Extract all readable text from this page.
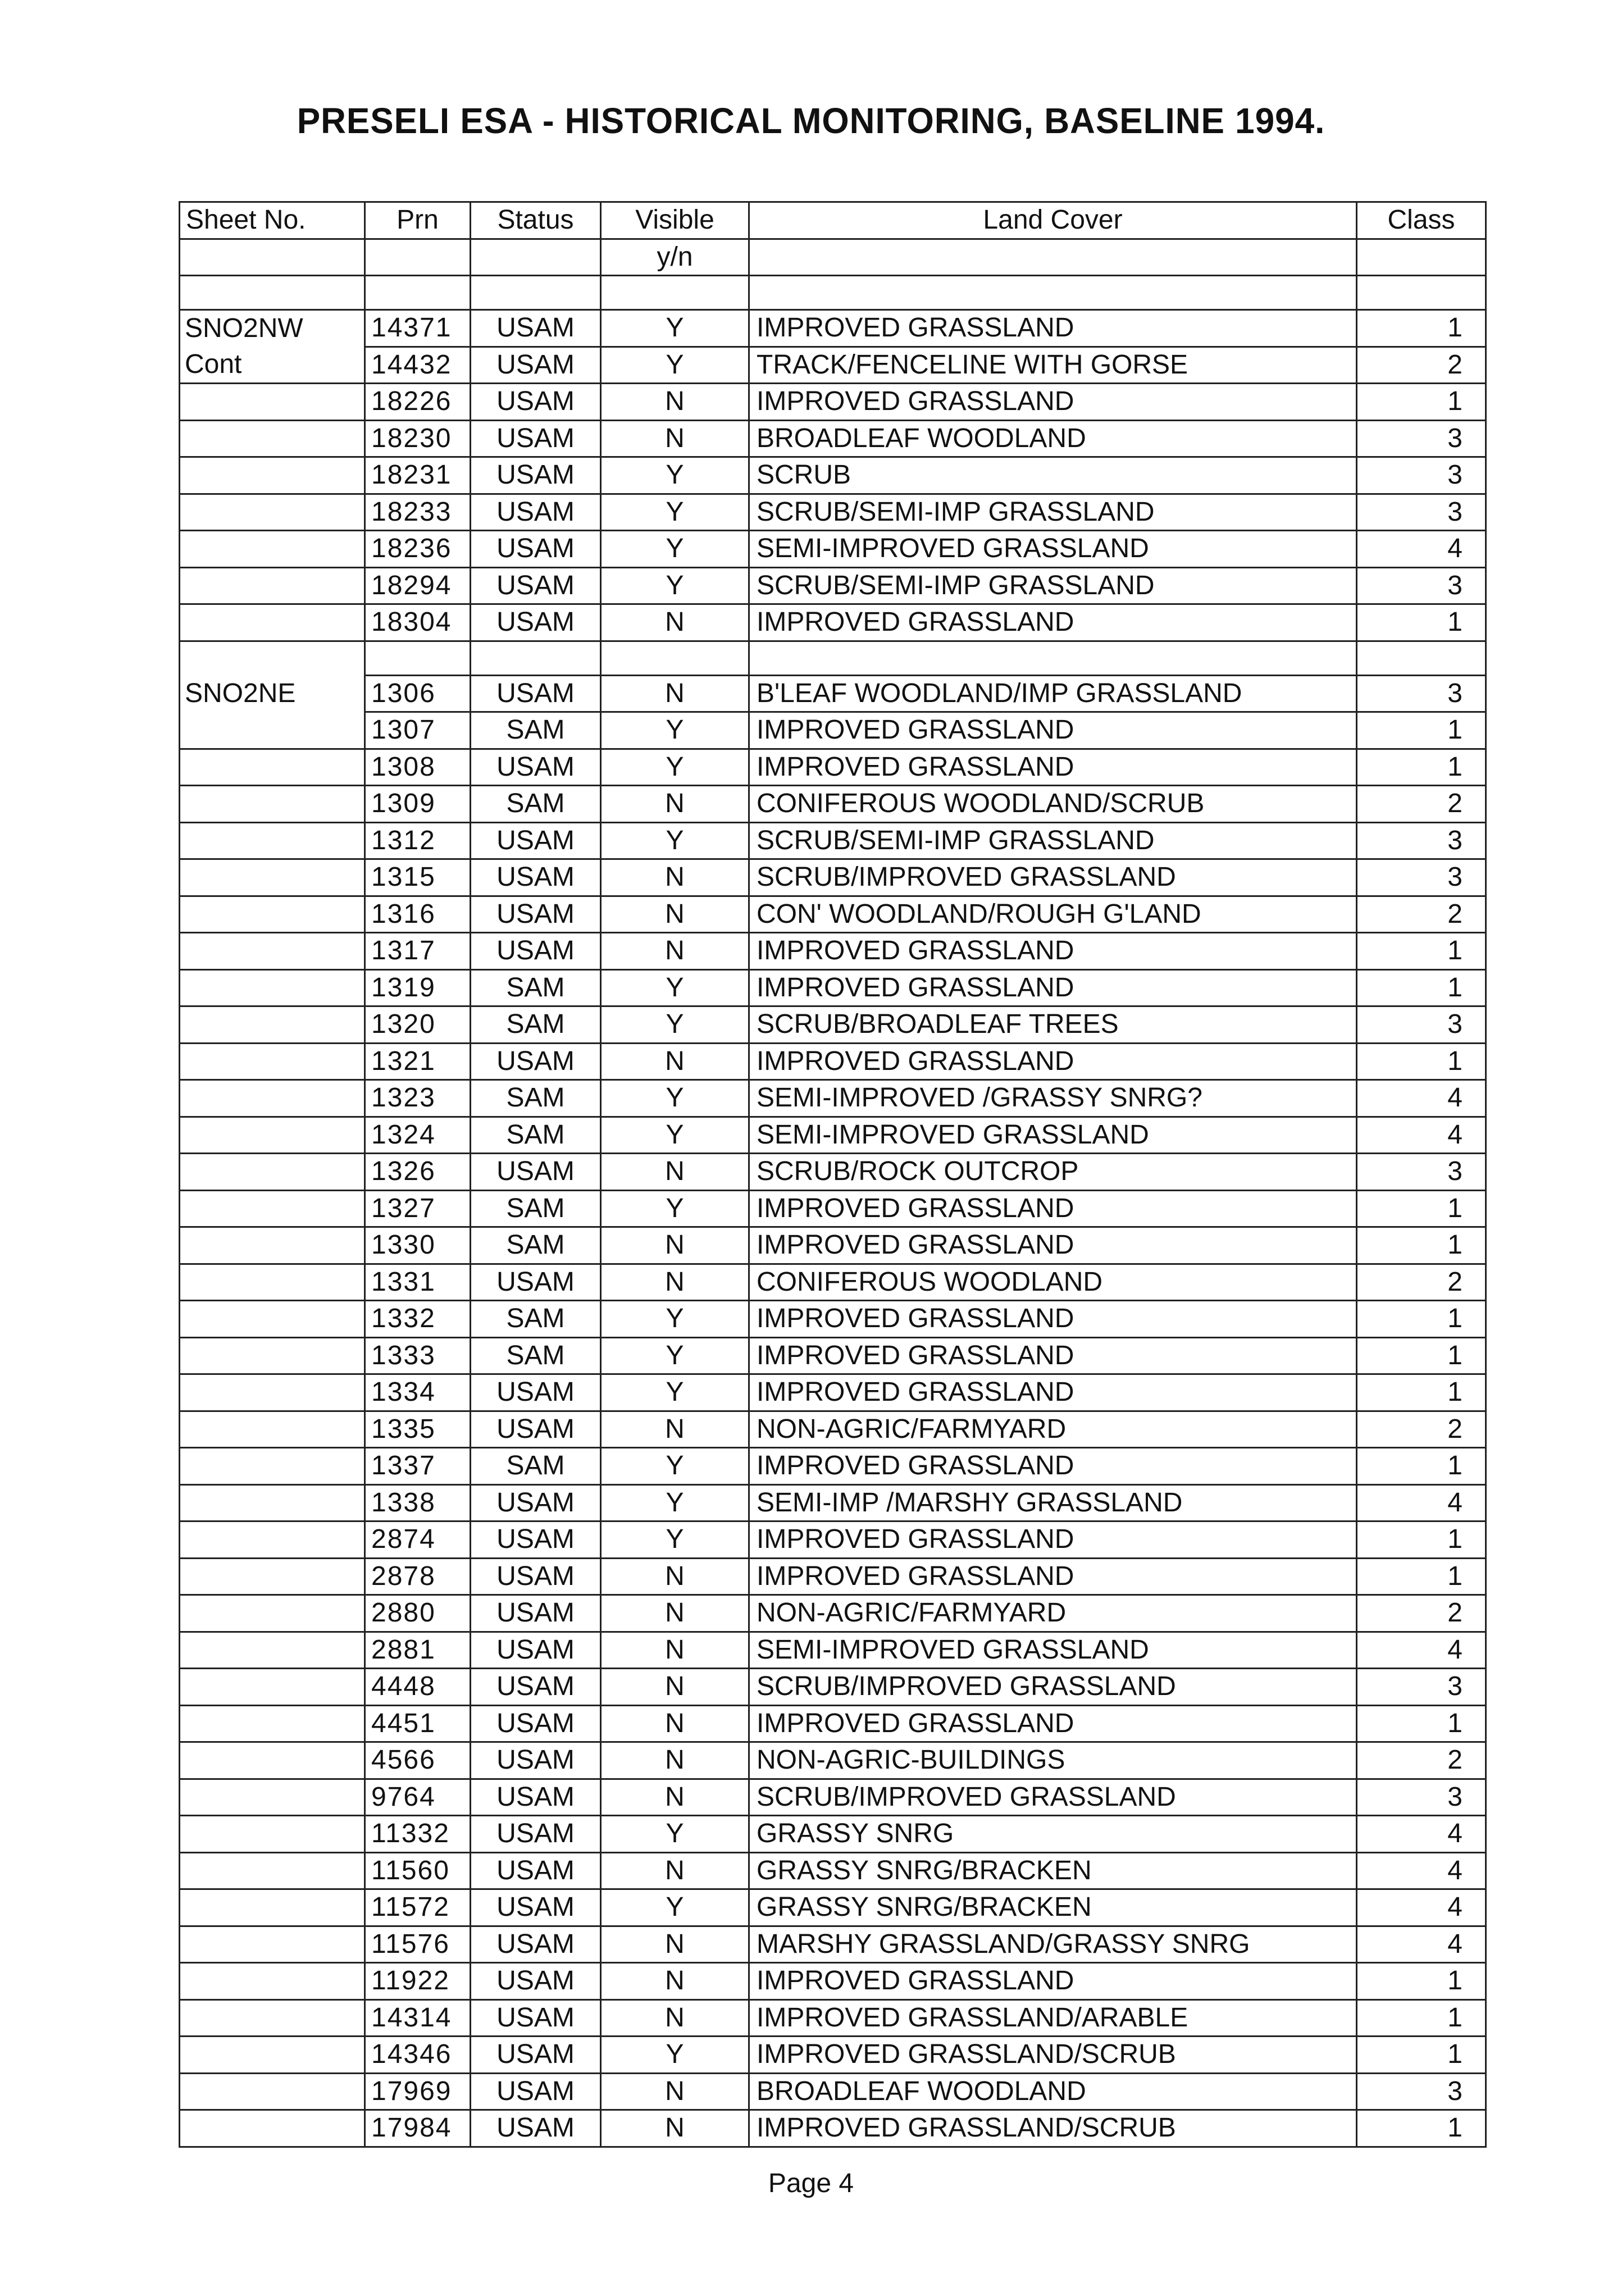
PRESELI ESA - HISTORICAL MONITORING, BASELINE 1994.
Sheet No.	Prn	Status	Visible	Land Cover	Class
			y/n		

SNO2NW	14371	USAM	Y	IMPROVED GRASSLAND	1
Cont	14432	USAM	Y	TRACK/FENCELINE WITH GORSE	2
	18226	USAM	N	IMPROVED GRASSLAND	1
	18230	USAM	N	BROADLEAF WOODLAND	3
	18231	USAM	Y	SCRUB	3
	18233	USAM	Y	SCRUB/SEMI-IMP GRASSLAND	3
	18236	USAM	Y	SEMI-IMPROVED GRASSLAND	4
	18294	USAM	Y	SCRUB/SEMI-IMP GRASSLAND	3
	18304	USAM	N	IMPROVED GRASSLAND	1

SNO2NE	1306	USAM	N	B'LEAF WOODLAND/IMP GRASSLAND	3
	1307	SAM	Y	IMPROVED GRASSLAND	1
	1308	USAM	Y	IMPROVED GRASSLAND	1
	1309	SAM	N	CONIFEROUS WOODLAND/SCRUB	2
	1312	USAM	Y	SCRUB/SEMI-IMP GRASSLAND	3
	1315	USAM	N	SCRUB/IMPROVED GRASSLAND	3
	1316	USAM	N	CON' WOODLAND/ROUGH G'LAND	2
	1317	USAM	N	IMPROVED GRASSLAND	1
	1319	SAM	Y	IMPROVED GRASSLAND	1
	1320	SAM	Y	SCRUB/BROADLEAF TREES	3
	1321	USAM	N	IMPROVED GRASSLAND	1
	1323	SAM	Y	SEMI-IMPROVED /GRASSY SNRG?	4
	1324	SAM	Y	SEMI-IMPROVED GRASSLAND	4
	1326	USAM	N	SCRUB/ROCK OUTCROP	3
	1327	SAM	Y	IMPROVED GRASSLAND	1
	1330	SAM	N	IMPROVED GRASSLAND	1
	1331	USAM	N	CONIFEROUS WOODLAND	2
	1332	SAM	Y	IMPROVED GRASSLAND	1
	1333	SAM	Y	IMPROVED GRASSLAND	1
	1334	USAM	Y	IMPROVED GRASSLAND	1
	1335	USAM	N	NON-AGRIC/FARMYARD	2
	1337	SAM	Y	IMPROVED GRASSLAND	1
	1338	USAM	Y	SEMI-IMP /MARSHY GRASSLAND	4
	2874	USAM	Y	IMPROVED GRASSLAND	1
	2878	USAM	N	IMPROVED GRASSLAND	1
	2880	USAM	N	NON-AGRIC/FARMYARD	2
	2881	USAM	N	SEMI-IMPROVED GRASSLAND	4
	4448	USAM	N	SCRUB/IMPROVED GRASSLAND	3
	4451	USAM	N	IMPROVED GRASSLAND	1
	4566	USAM	N	NON-AGRIC-BUILDINGS	2
	9764	USAM	N	SCRUB/IMPROVED GRASSLAND	3
	11332	USAM	Y	GRASSY SNRG	4
	11560	USAM	N	GRASSY SNRG/BRACKEN	4
	11572	USAM	Y	GRASSY SNRG/BRACKEN	4
	11576	USAM	N	MARSHY GRASSLAND/GRASSY SNRG	4
	11922	USAM	N	IMPROVED GRASSLAND	1
	14314	USAM	N	IMPROVED GRASSLAND/ARABLE	1
	14346	USAM	Y	IMPROVED GRASSLAND/SCRUB	1
	17969	USAM	N	BROADLEAF WOODLAND	3
	17984	USAM	N	IMPROVED GRASSLAND/SCRUB	1
Page 4
